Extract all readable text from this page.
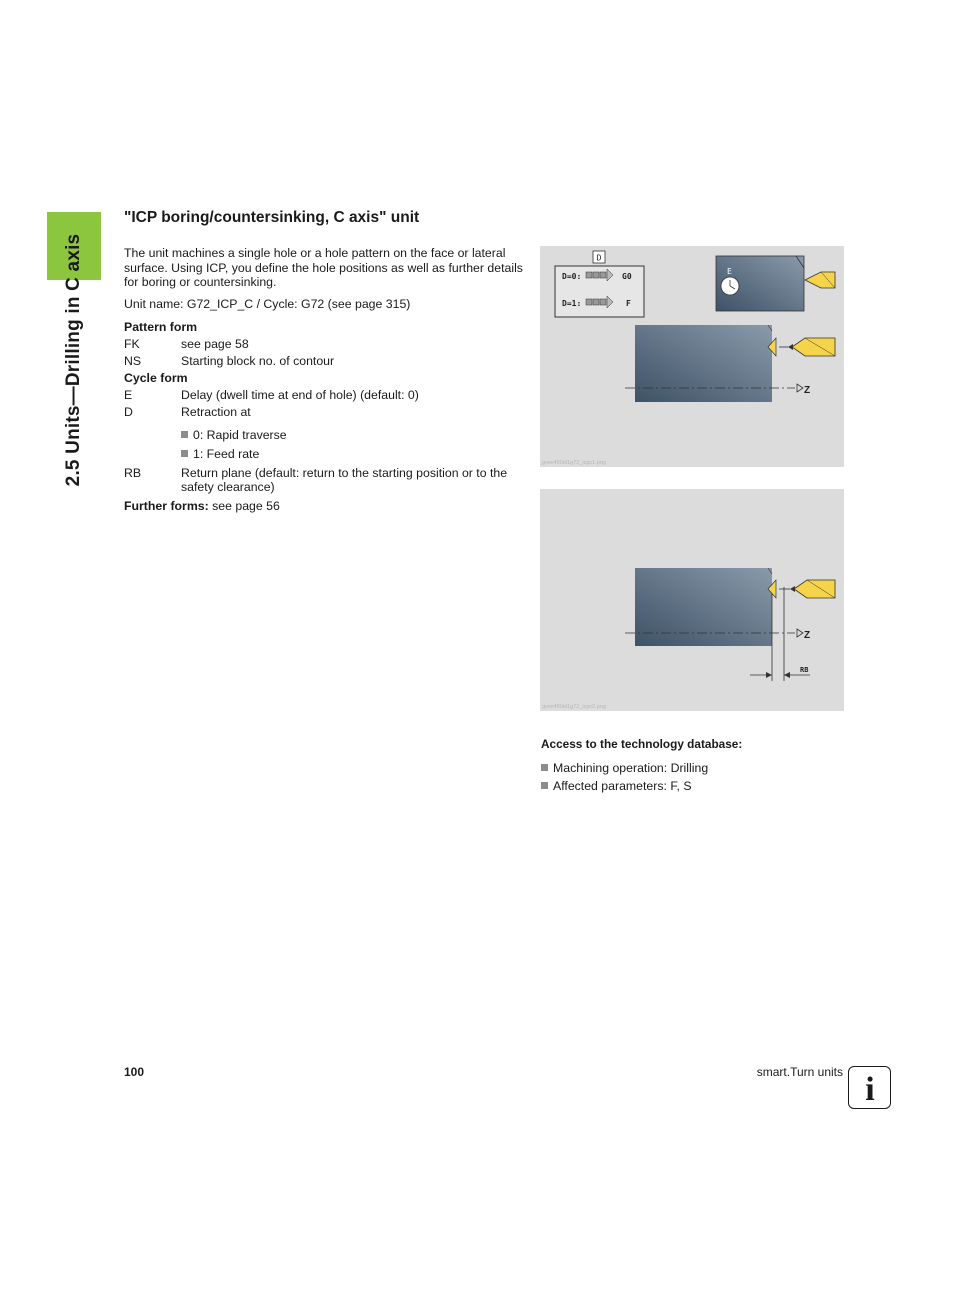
2.5 Units—Drilling in C axis
"ICP boring/countersinking, C axis" unit

The unit machines a single hole or a hole pattern on the face or lateral surface. Using ICP, you define the hole positions as well as further details for boring or countersinking.

Unit name: G72_ICP_C / Cycle: G72 (see page 315)

Pattern form
FK	see page 58
NS	Starting block no. of contour
Cycle form
E	Delay (dwell time at end of hole) (default: 0)
D	Retraction at
0: Rapid traverse
1: Feed rate
RB	Return plane (default: return to the starting position or to the safety clearance)
Further forms: see page 56
D
D=0:	G0
D=1:	F
E
Z
gvxe400id1g72_icpc1.png
Z
RB
gvxe400id1g72_icpc2.png
Access to the technology database:
Machining operation: Drilling
Affected parameters: F, S
100	smart.Turn units i
